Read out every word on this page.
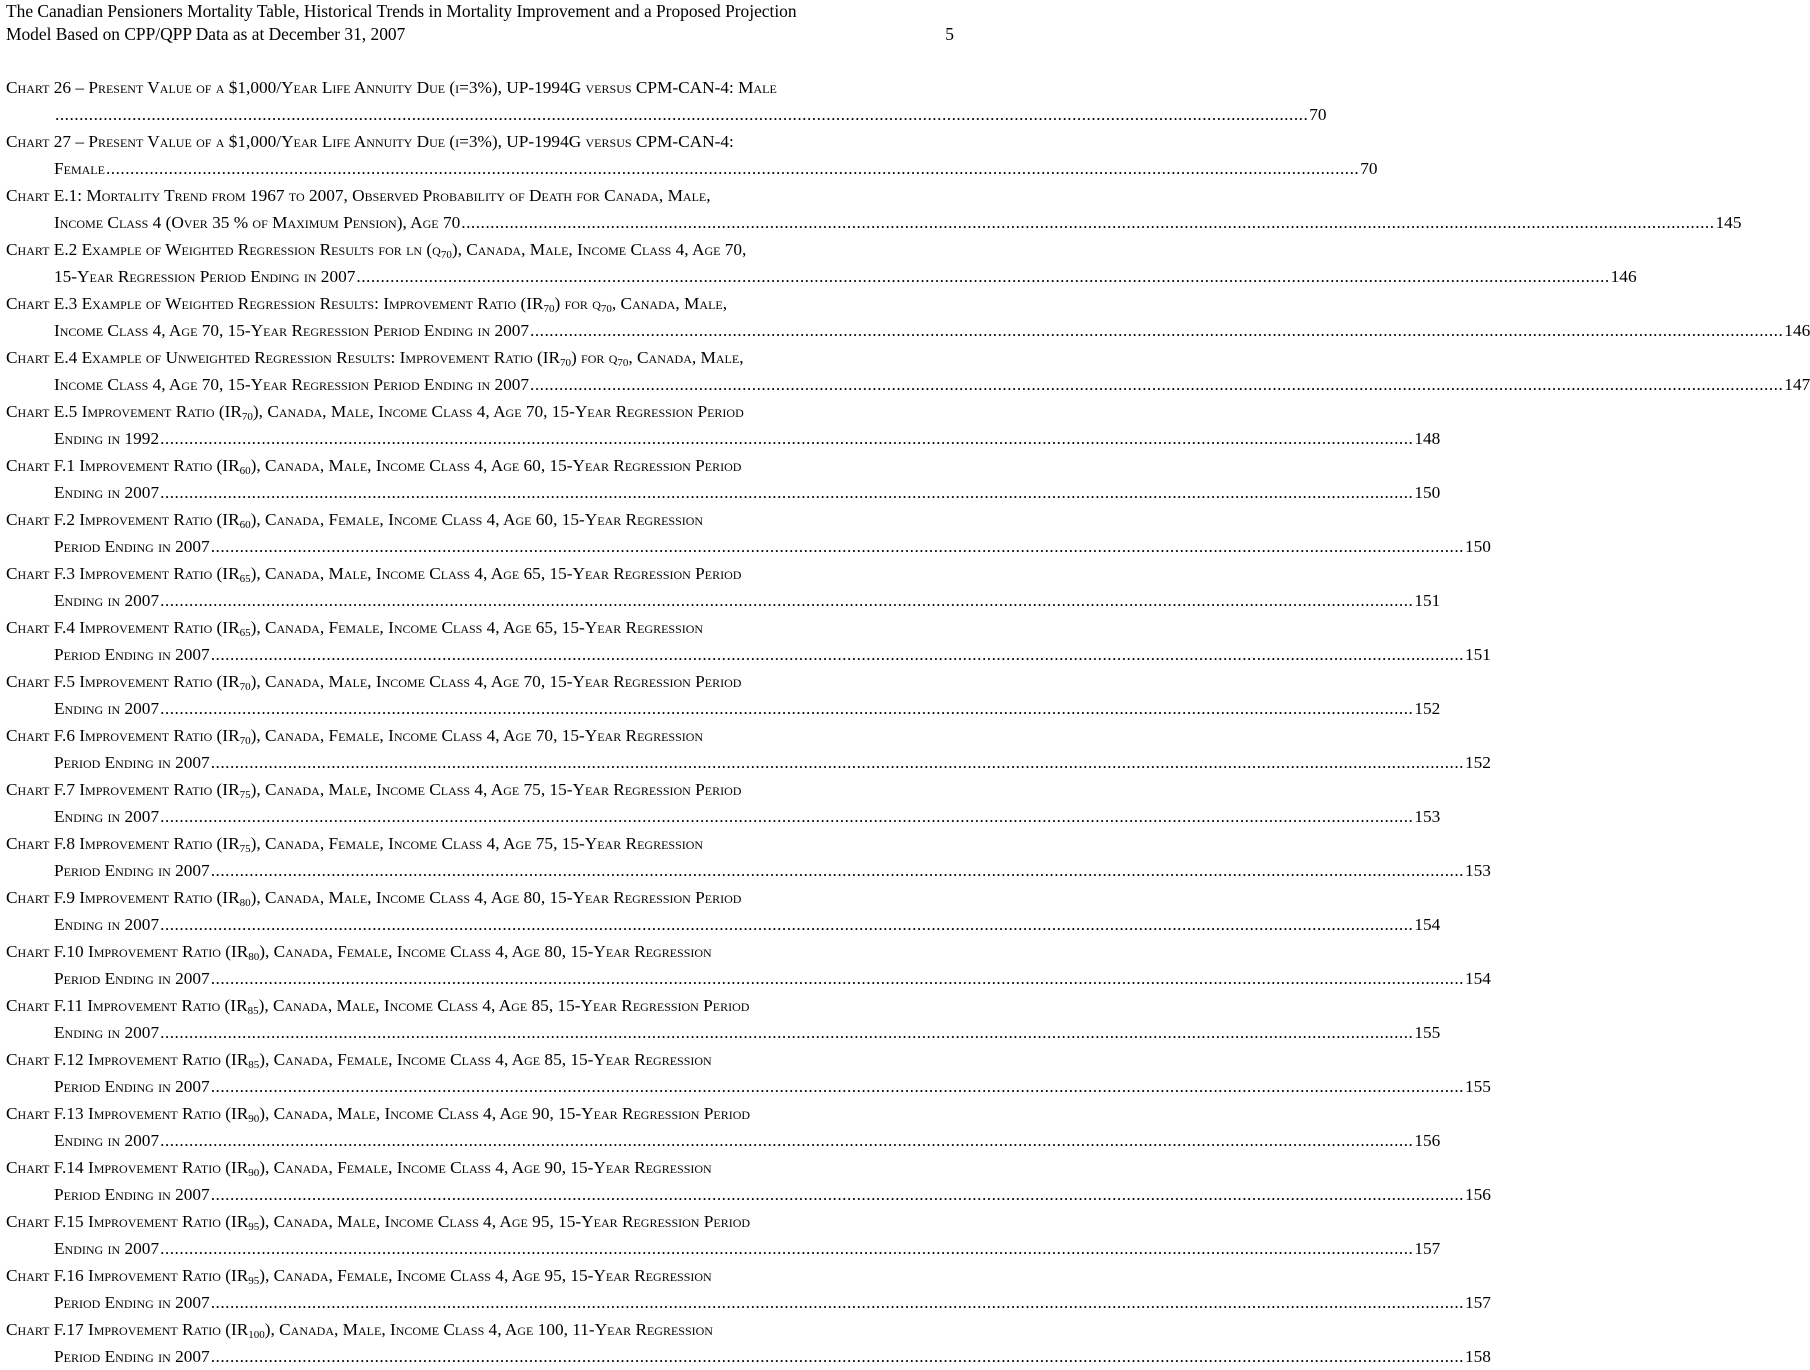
The Canadian Pensioners Mortality Table, Historical Trends in Mortality Improvement and a Proposed Projection
Model Based on CPP/QPP Data as at December 31, 2007	5
Chart 26 – Present Value of a $1,000/Year Life Annuity Due (i=3%), UP-1994G versus CPM-CAN-4: Male
.................................................................................................................................................................................................................................................................... 70
Chart 27 – Present Value of a $1,000/Year Life Annuity Due (i=3%), UP-1994G versus CPM-CAN-4:
Female .................................................................................................................................................................................................................................................................... 70
Chart E.1: Mortality Trend from 1967 to 2007, Observed Probability of Death for Canada, Male,
Income Class 4 (Over 35 % of Maximum Pension), Age 70 .................................................................................................................................................................................................................................................................... 145
Chart E.2 Example of Weighted Regression Results for $\ln (q_{70})$, Canada, Male, Income Class 4, Age 70,
15-Year Regression Period Ending in 2007 .................................................................................................................................................................................................................................................................... 146
Chart E.3 Example of Weighted Regression Results: Improvement Ratio $(IR_{70})$ for $q_{70}$, Canada, Male,
Income Class 4, Age 70, 15-Year Regression Period Ending in 2007 .................................................................................................................................................................................................................................................................... 146
Chart E.4 Example of Unweighted Regression Results: Improvement Ratio $(IR_{70})$ for $q_{70}$, Canada, Male,
Income Class 4, Age 70, 15-Year Regression Period Ending in 2007 .................................................................................................................................................................................................................................................................... 147
Chart E.5 Improvement Ratio $(IR_{70})$, Canada, Male, Income Class 4, Age 70, 15-Year Regression Period
Ending in 1992 .................................................................................................................................................................................................................................................................... 148
Chart F.1 Improvement Ratio $(IR_{60})$, Canada, Male, Income Class 4, Age 60, 15-Year Regression Period
Ending in 2007 .................................................................................................................................................................................................................................................................... 150
Chart F.2 Improvement Ratio $(IR_{60})$, Canada, Female, Income Class 4, Age 60, 15-Year Regression
Period Ending in 2007 .................................................................................................................................................................................................................................................................... 150
Chart F.3 Improvement Ratio $(IR_{65})$, Canada, Male, Income Class 4, Age 65, 15-Year Regression Period
Ending in 2007 .................................................................................................................................................................................................................................................................... 151
Chart F.4 Improvement Ratio $(IR_{65})$, Canada, Female, Income Class 4, Age 65, 15-Year Regression
Period Ending in 2007 .................................................................................................................................................................................................................................................................... 151
Chart F.5 Improvement Ratio $(IR_{70})$, Canada, Male, Income Class 4, Age 70, 15-Year Regression Period
Ending in 2007 .................................................................................................................................................................................................................................................................... 152
Chart F.6 Improvement Ratio $(IR_{70})$, Canada, Female, Income Class 4, Age 70, 15-Year Regression
Period Ending in 2007 .................................................................................................................................................................................................................................................................... 152
Chart F.7 Improvement Ratio $(IR_{75})$, Canada, Male, Income Class 4, Age 75, 15-Year Regression Period
Ending in 2007 .................................................................................................................................................................................................................................................................... 153
Chart F.8 Improvement Ratio $(IR_{75})$, Canada, Female, Income Class 4, Age 75, 15-Year Regression
Period Ending in 2007 .................................................................................................................................................................................................................................................................... 153
Chart F.9 Improvement Ratio $(IR_{80})$, Canada, Male, Income Class 4, Age 80, 15-Year Regression Period
Ending in 2007 .................................................................................................................................................................................................................................................................... 154
Chart F.10 Improvement Ratio $(IR_{80})$, Canada, Female, Income Class 4, Age 80, 15-Year Regression
Period Ending in 2007 .................................................................................................................................................................................................................................................................... 154
Chart F.11 Improvement Ratio $(IR_{85})$, Canada, Male, Income Class 4, Age 85, 15-Year Regression Period
Ending in 2007 .................................................................................................................................................................................................................................................................... 155
Chart F.12 Improvement Ratio $(IR_{85})$, Canada, Female, Income Class 4, Age 85, 15-Year Regression
Period Ending in 2007 .................................................................................................................................................................................................................................................................... 155
Chart F.13 Improvement Ratio $(IR_{90})$, Canada, Male, Income Class 4, Age 90, 15-Year Regression Period
Ending in 2007 .................................................................................................................................................................................................................................................................... 156
Chart F.14 Improvement Ratio $(IR_{90})$, Canada, Female, Income Class 4, Age 90, 15-Year Regression
Period Ending in 2007 .................................................................................................................................................................................................................................................................... 156
Chart F.15 Improvement Ratio $(IR_{95})$, Canada, Male, Income Class 4, Age 95, 15-Year Regression Period
Ending in 2007 .................................................................................................................................................................................................................................................................... 157
Chart F.16 Improvement Ratio $(IR_{95})$, Canada, Female, Income Class 4, Age 95, 15-Year Regression
Period Ending in 2007 .................................................................................................................................................................................................................................................................... 157
Chart F.17 Improvement Ratio $(IR_{100})$, Canada, Male, Income Class 4, Age 100, 11-Year Regression
Period Ending in 2007 .................................................................................................................................................................................................................................................................... 158
